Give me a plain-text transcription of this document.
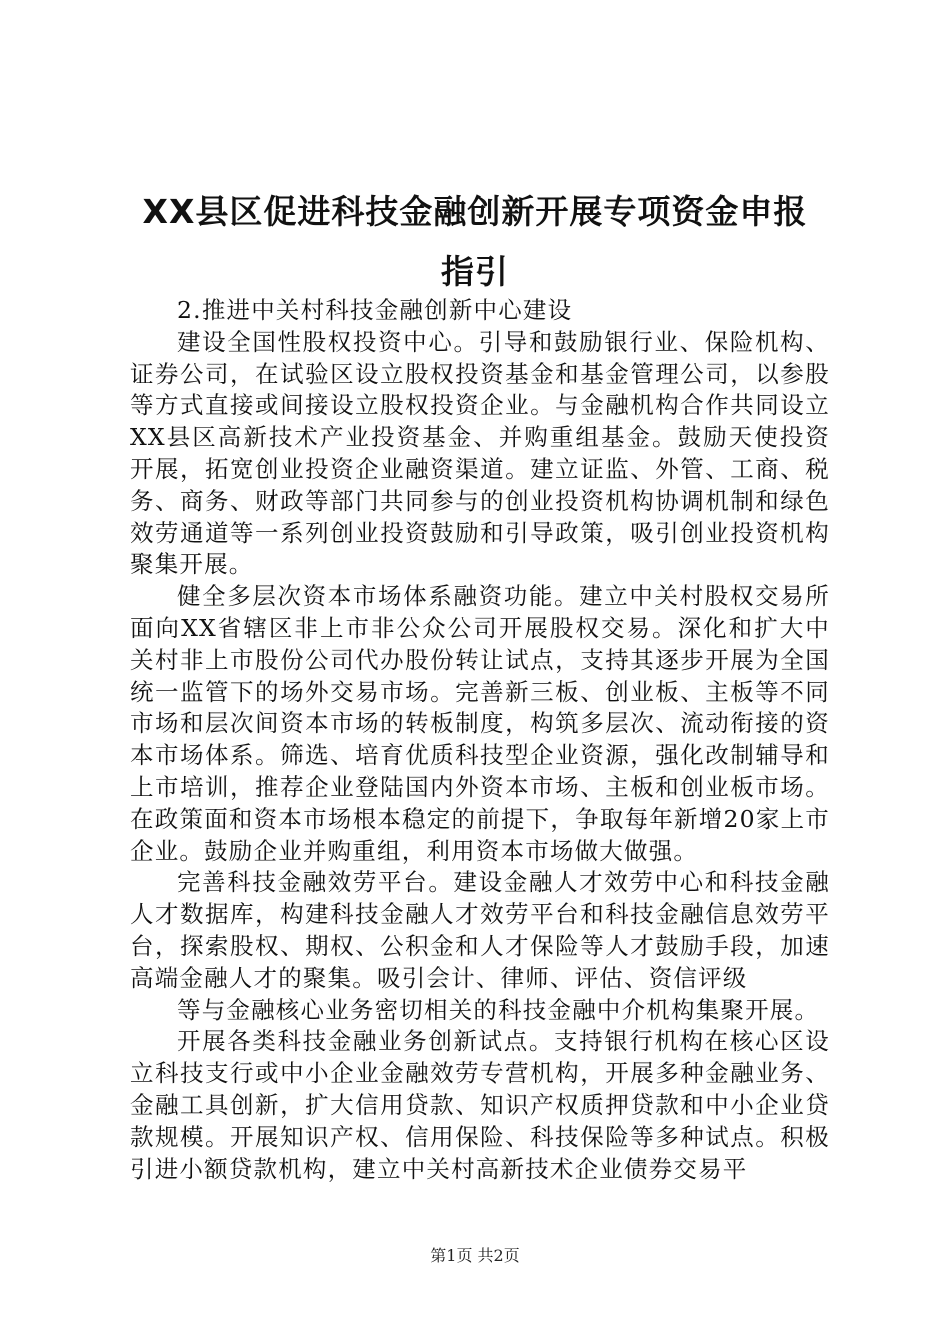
XX县区促进科技金融创新开展专项资金申报
指引

2.推进中关村科技金融创新中心建设

建设全国性股权投资中心。引导和鼓励银行业、保险机构、证券公司，在试验区设立股权投资基金和基金管理公司，以参股等方式直接或间接设立股权投资企业。与金融机构合作共同设立XX县区高新技术产业投资基金、并购重组基金。鼓励天使投资开展，拓宽创业投资企业融资渠道。建立证监、外管、工商、税务、商务、财政等部门共同参与的创业投资机构协调机制和绿色效劳通道等一系列创业投资鼓励和引导政策，吸引创业投资机构聚集开展。

健全多层次资本市场体系融资功能。建立中关村股权交易所面向XX省辖区非上市非公众公司开展股权交易。深化和扩大中关村非上市股份公司代办股份转让试点，支持其逐步开展为全国统一监管下的场外交易市场。完善新三板、创业板、主板等不同市场和层次间资本市场的转板制度，构筑多层次、流动衔接的资本市场体系。筛选、培育优质科技型企业资源，强化改制辅导和上市培训，推荐企业登陆国内外资本市场、主板和创业板市场。在政策面和资本市场根本稳定的前提下，争取每年新增20家上市企业。鼓励企业并购重组，利用资本市场做大做强。

完善科技金融效劳平台。建设金融人才效劳中心和科技金融人才数据库，构建科技金融人才效劳平台和科技金融信息效劳平台，探索股权、期权、公积金和人才保险等人才鼓励手段，加速高端金融人才的聚集。吸引会计、律师、评估、资信评级

等与金融核心业务密切相关的科技金融中介机构集聚开展。

开展各类科技金融业务创新试点。支持银行机构在核心区设立科技支行或中小企业金融效劳专营机构，开展多种金融业务、金融工具创新，扩大信用贷款、知识产权质押贷款和中小企业贷款规模。开展知识产权、信用保险、科技保险等多种试点。积极引进小额贷款机构，建立中关村高新技术企业债券交易平

第1页 共2页
